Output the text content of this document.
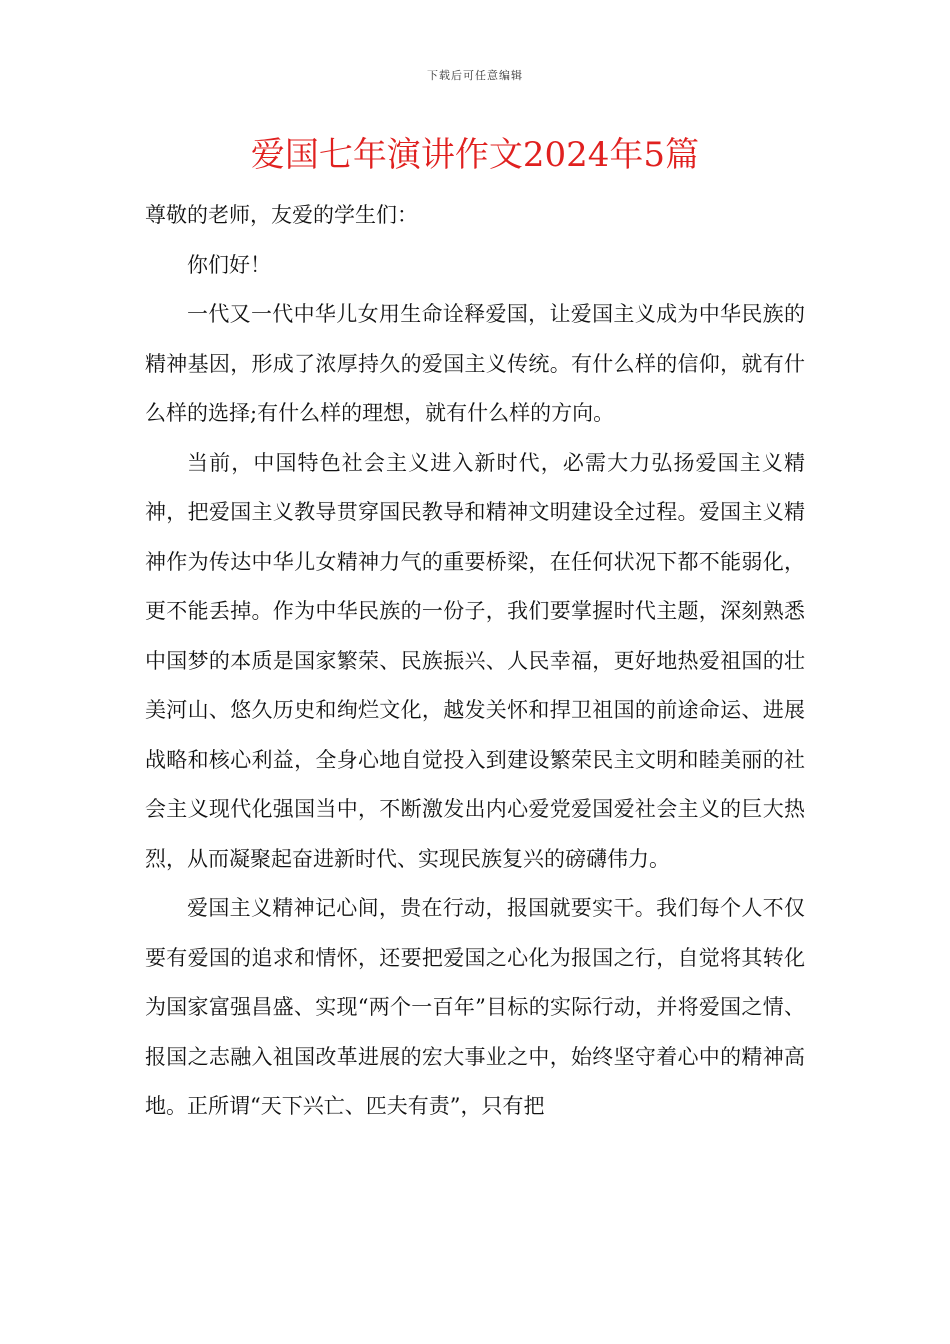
下载后可任意编辑
爱国七年演讲作文2024年5篇

尊敬的老师，友爱的学生们：

你们好！

一代又一代中华儿女用生命诠释爱国，让爱国主义成为中华民族的精神基因，形成了浓厚持久的爱国主义传统。有什么样的信仰，就有什么样的选择;有什么样的理想，就有什么样的方向。

当前，中国特色社会主义进入新时代，必需大力弘扬爱国主义精神，把爱国主义教导贯穿国民教导和精神文明建设全过程。爱国主义精神作为传达中华儿女精神力气的重要桥梁，在任何状况下都不能弱化，更不能丢掉。作为中华民族的一份子，我们要掌握时代主题，深刻熟悉中国梦的本质是国家繁荣、民族振兴、人民幸福，更好地热爱祖国的壮美河山、悠久历史和绚烂文化，越发关怀和捍卫祖国的前途命运、进展战略和核心利益，全身心地自觉投入到建设繁荣民主文明和睦美丽的社会主义现代化强国当中，不断激发出内心爱党爱国爱社会主义的巨大热烈，从而凝聚起奋进新时代、实现民族复兴的磅礴伟力。

爱国主义精神记心间，贵在行动，报国就要实干。我们每个人不仅要有爱国的追求和情怀，还要把爱国之心化为报国之行，自觉将其转化为国家富强昌盛、实现“两个一百年”目标的实际行动，并将爱国之情、报国之志融入祖国改革进展的宏大事业之中，始终坚守着心中的精神高地。正所谓“天下兴亡、匹夫有责”，只有把
